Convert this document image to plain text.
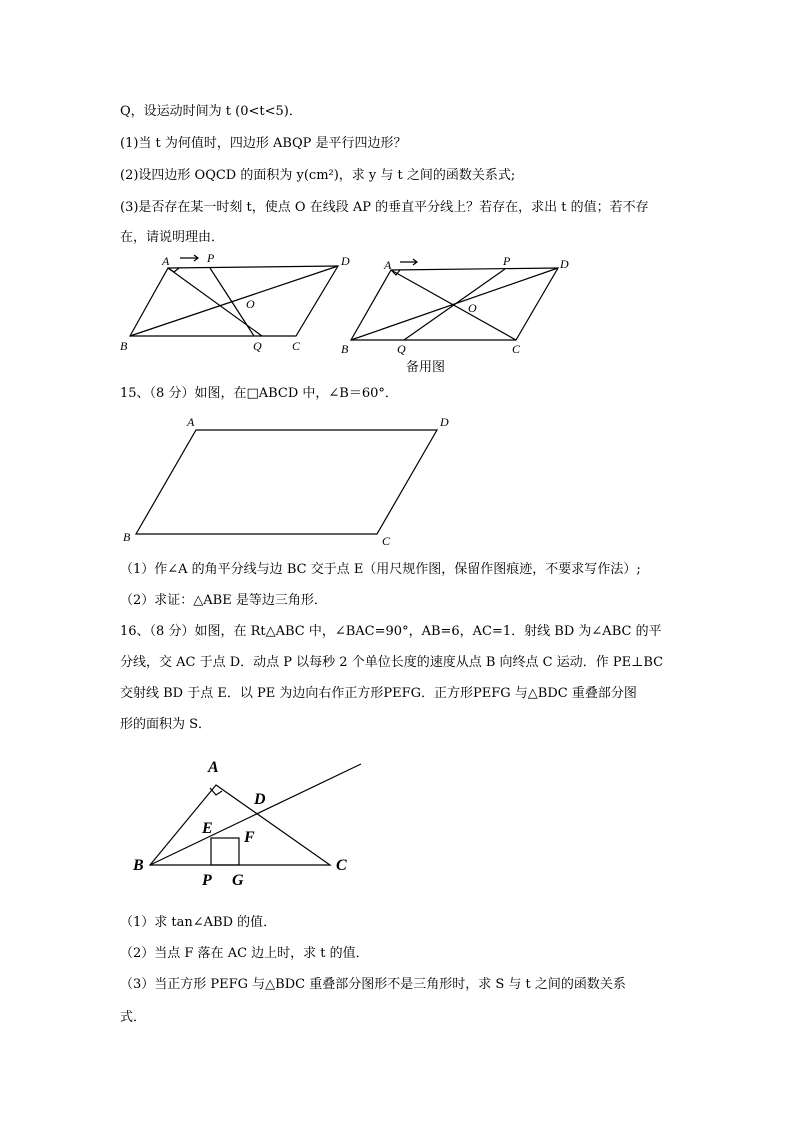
Q，设运动时间为 t (0<t<5)．
(1)当 t 为何值时，四边形 ABQP 是平行四边形？
(2)设四边形 OQCD 的面积为 y(cm²)，求 y 与 t 之间的函数关系式;
(3)是否存在某一时刻 t，使点 O 在线段 AP 的垂直平分线上？若存在，求出 t 的值；若不存
在，请说明理由．
A	P	D
O
B	Q	C
A	P	D
O
B	Q	C
备用图
15、（8 分）如图，在□ABCD 中，∠B＝60°．
A	D
B	C
（1）作∠A 的角平分线与边 BC 交于点 E（用尺规作图，保留作图痕迹，不要求写作法）;
（2）求证：△ABE 是等边三角形．
16、（8 分）如图，在 Rt△ABC 中，∠BAC=90°，AB=6，AC=1．射线 BD 为∠ABC 的平
分线，交 AC 于点 D．动点 P 以每秒 2 个单位长度的速度从点 B 向终点 C 运动．作 PE⊥BC
交射线 BD 于点 E．以 PE 为边向右作正方形PEFG．正方形PEFG 与△BDC 重叠部分图
形的面积为 S．
A
D
E
F
B
P G
C
（1）求 tan∠ABD 的值．
（2）当点 F 落在 AC 边上时，求 t 的值．
（3）当正方形 PEFG 与△BDC 重叠部分图形不是三角形时，求 S 与 t 之间的函数关系
式．
